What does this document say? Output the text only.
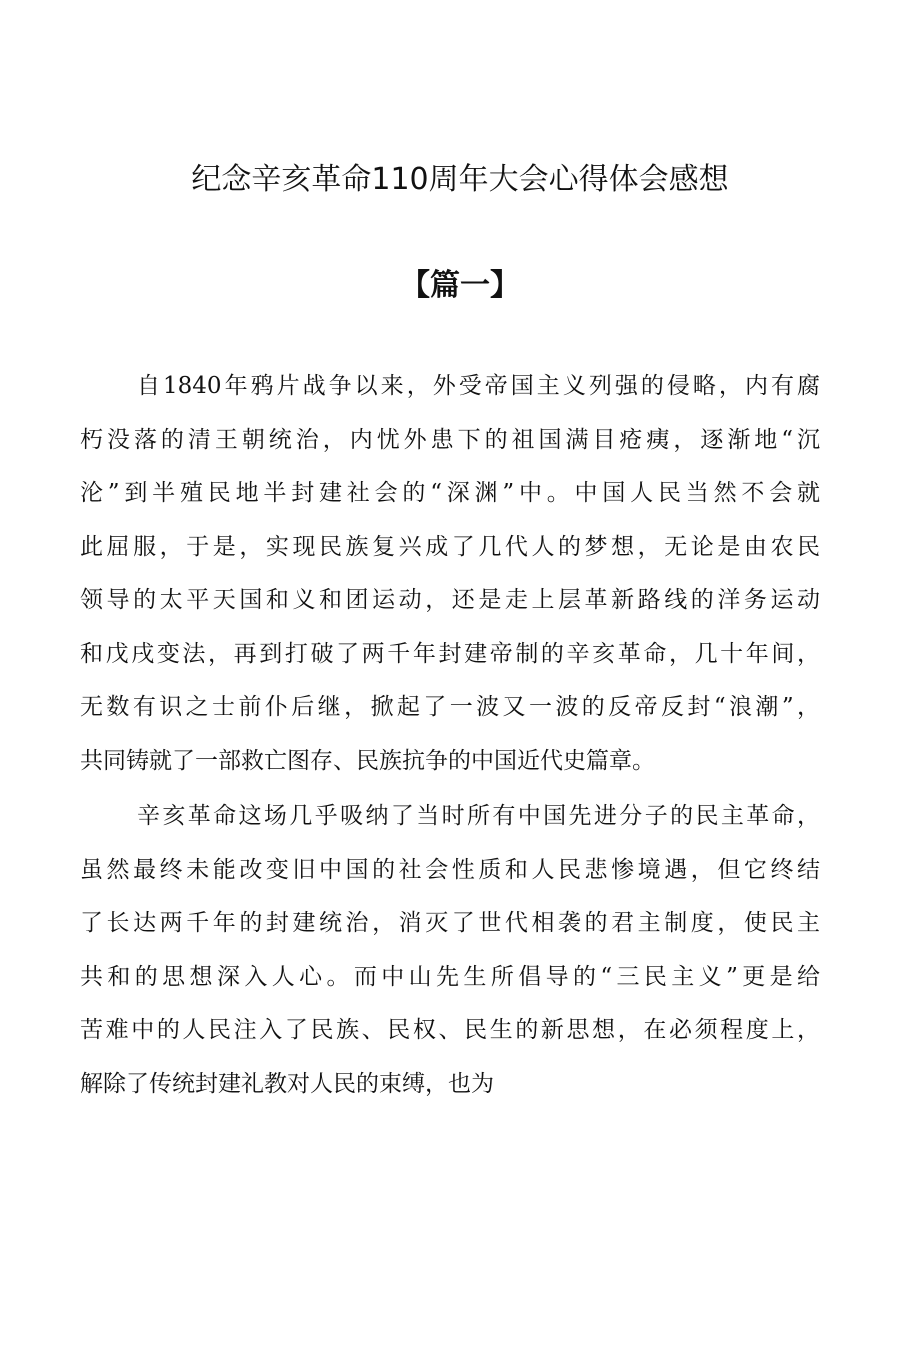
纪念辛亥革命110周年大会心得体会感想
【篇一】
自1840年鸦片战争以来，外受帝国主义列强的侵略，内有腐
朽没落的清王朝统治，内忧外患下的祖国满目疮痍，逐渐地“沉
沦”到半殖民地半封建社会的“深渊”中。中国人民当然不会就
此屈服，于是，实现民族复兴成了几代人的梦想，无论是由农民
领导的太平天国和义和团运动，还是走上层革新路线的洋务运动
和戊戌变法，再到打破了两千年封建帝制的辛亥革命，几十年间，
无数有识之士前仆后继，掀起了一波又一波的反帝反封“浪潮”，
共同铸就了一部救亡图存、民族抗争的中国近代史篇章。
辛亥革命这场几乎吸纳了当时所有中国先进分子的民主革命，
虽然最终未能改变旧中国的社会性质和人民悲惨境遇，但它终结
了长达两千年的封建统治，消灭了世代相袭的君主制度，使民主
共和的思想深入人心。而中山先生所倡导的“三民主义”更是给
苦难中的人民注入了民族、民权、民生的新思想，在必须程度上，
解除了传统封建礼教对人民的束缚，也为
